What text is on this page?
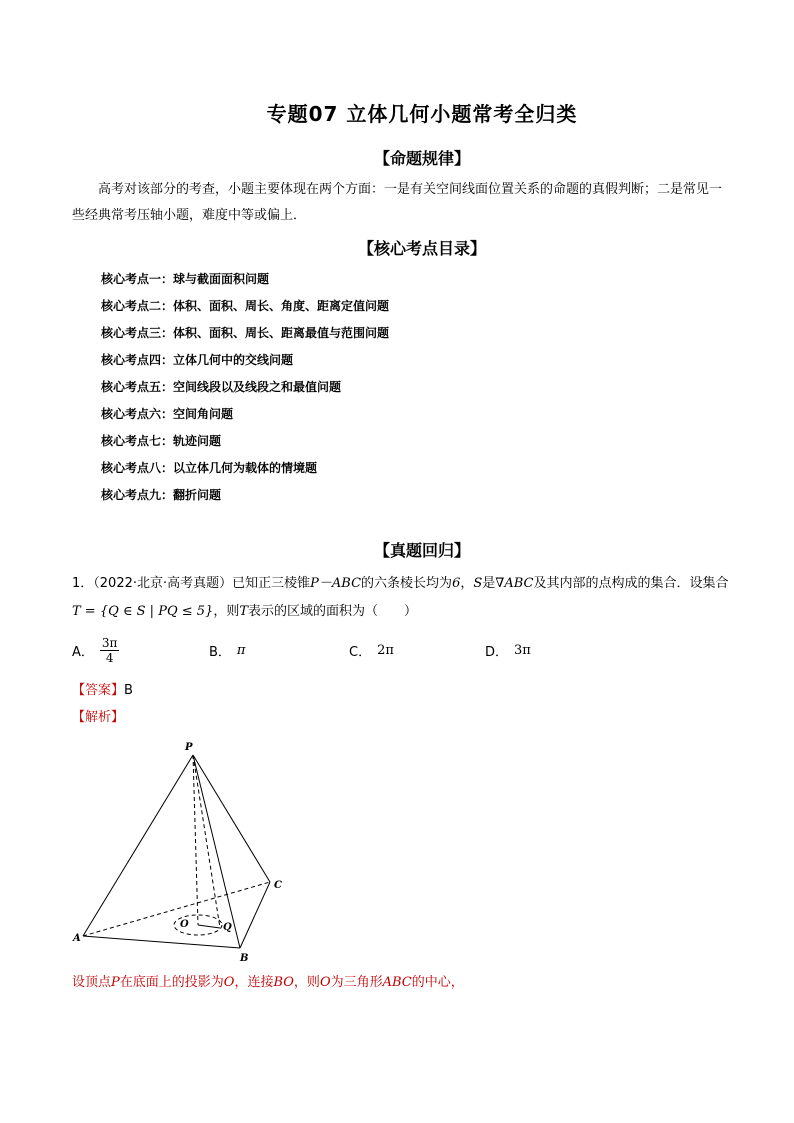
专题07 立体几何小题常考全归类
【命题规律】
高考对该部分的考查，小题主要体现在两个方面：一是有关空间线面位置关系的命题的真假判断；二是常见一些经典常考压轴小题，难度中等或偏上．
【核心考点目录】
核心考点一：球与截面面积问题
核心考点二：体积、面积、周长、角度、距离定值问题
核心考点三：体积、面积、周长、距离最值与范围问题
核心考点四：立体几何中的交线问题
核心考点五：空间线段以及线段之和最值问题
核心考点六：空间角问题
核心考点七：轨迹问题
核心考点八：以立体几何为载体的情境题
核心考点九：翻折问题
【真题回归】
1．（2022·北京·高考真题）已知正三棱锥P－ABC的六条棱长均为6，S是∇ABC及其内部的点构成的集合．设集合T = {Q ∈ S | PQ ≤ 5}，则T表示的区域的面积为（　　）
A． $\frac{3\pi}{4}$	B． π	C． 2π	D． 3π
【答案】B
【解析】
P
A
B
C
O	Q
设顶点P在底面上的投影为O，连接BO，则O为三角形ABC的中心，
